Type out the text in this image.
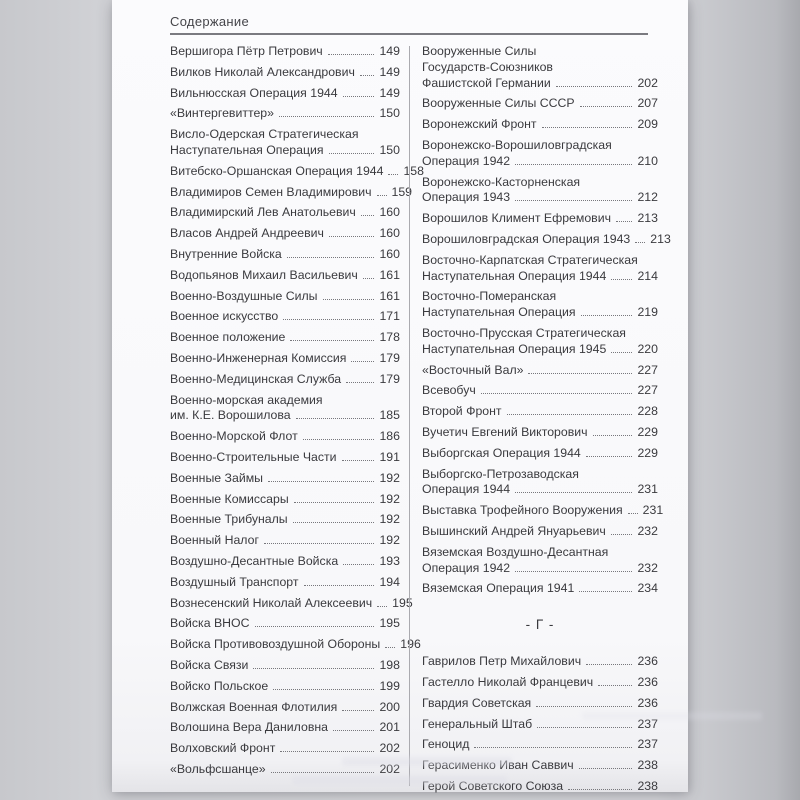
Содержание
Вершигора Пётр Петрович	149
Вилков Николай Александрович 149
Вильнюсская Операция 1944	149
«Винтергевиттер»	150
Висло-Одерская Стратегическая
Наступательная Операция	150
Витебско-Оршанская Операция 1944 158
Владимиров Семен Владимирович 159
Владимирский Лев Анатольевич 160
Власов Андрей Андреевич	160
Внутренние Войска	160
Водопьянов Михаил Васильевич 161
Военно-Воздушные Силы	161
Военное искусство	171
Военное положение	178
Военно-Инженерная Комиссия	179
Военно-Медицинская Служба	179
Военно-морская академия
им. К.Е. Ворошилова	185
Военно-Морской Флот	186
Военно-Строительные Части	191
Военные Займы	192
Военные Комиссары	192
Военные Трибуналы	192
Военный Налог	192
Воздушно-Десантные Войска	193
Воздушный Транспорт	194
Вознесенский Николай Алексеевич 195
Войска ВНОС	195
Войска Противовоздушной Обороны 196
Войска Связи	198
Войско Польское	199
Волжская Военная Флотилия	200
Волошина Вера Даниловна	201
Волховский Фронт	202
«Вольфсшанце»	202
Вооруженные Силы
Государств-Союзников
Фашистской Германии	202
Вооруженные Силы СССР	207
Воронежский Фронт	209
Воронежско-Ворошиловградская
Операция 1942	210
Воронежско-Касторненская
Операция 1943	212
Ворошилов Климент Ефремович 213
Ворошиловградская Операция 1943 213
Восточно-Карпатская Стратегическая
Наступательная Операция 1944	214
Восточно-Померанская
Наступательная Операция	219
Восточно-Прусская Стратегическая
Наступательная Операция 1945	220
«Восточный Вал»	227
Всевобуч	227
Второй Фронт	228
Вучетич Евгений Викторович	229
Выборгская Операция 1944	229
Выборгско-Петрозаводская
Операция 1944	231
Выставка Трофейного Вооружения 231
Вышинский Андрей Януарьевич	232
Вяземская Воздушно-Десантная
Операция 1942	232
Вяземская Операция 1941	234
- Г -
Гаврилов Петр Михайлович	236
Гастелло Николай Францевич	236
Гвардия Советская	236
Генеральный Штаб	237
Геноцид	237
Герасименко Иван Саввич	238
Герой Советского Союза	238
